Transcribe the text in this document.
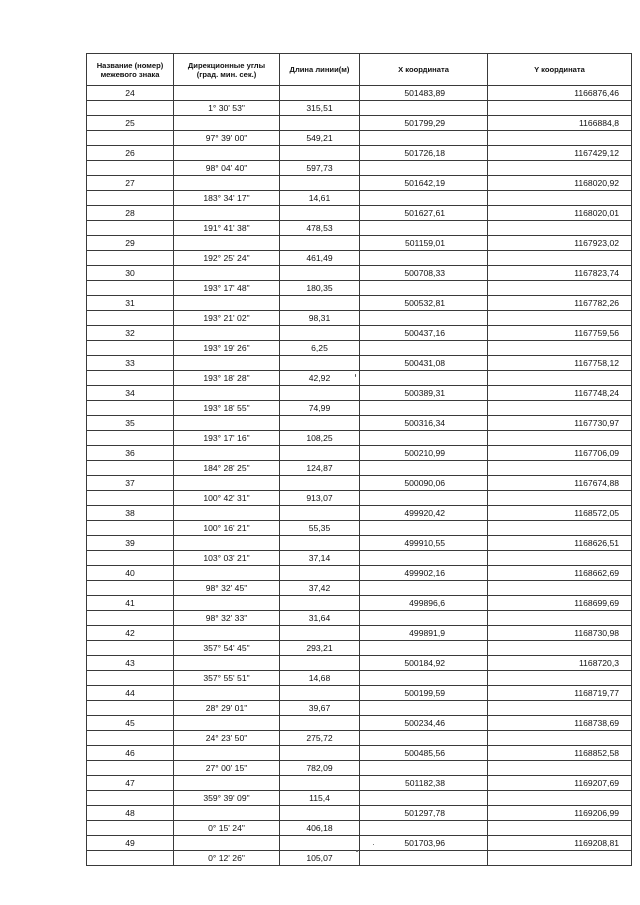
Название (номер)
межевого знака	Дирекционные углы
(град. мин. сек.)	Длина линии(м)	X координата	Y координата
24			501483,89	1166876,46
	1° 30' 53"	315,51		
25			501799,29	1166884,8
	97° 39' 00"	549,21		
26			501726,18	1167429,12
	98° 04' 40"	597,73		
27			501642,19	1168020,92
	183° 34' 17"	14,61		
28			501627,61	1168020,01
	191° 41' 38"	478,53		
29			501159,01	1167923,02
	192° 25' 24"	461,49		
30			500708,33	1167823,74
	193° 17' 48"	180,35		
31			500532,81	1167782,26
	193° 21' 02"	98,31		
32			500437,16	1167759,56
	193° 19' 26"	6,25		
33			500431,08	1167758,12
	193° 18' 28"	42,92		
34			500389,31	1167748,24
	193° 18' 55"	74,99		
35			500316,34	1167730,97
	193° 17' 16"	108,25		
36			500210,99	1167706,09
	184° 28' 25"	124,87		
37			500090,06	1167674,88
	100° 42' 31"	913,07		
38			499920,42	1168572,05
	100° 16' 21"	55,35		
39			499910,55	1168626,51
	103° 03' 21"	37,14		
40			499902,16	1168662,69
	98° 32' 45"	37,42		
41			499896,6	1168699,69
	98° 32' 33"	31,64		
42			499891,9	1168730,98
	357° 54' 45"	293,21		
43			500184,92	1168720,3
	357° 55' 51"	14,68		
44			500199,59	1168719,77
	28° 29' 01"	39,67		
45			500234,46	1168738,69
	24° 23' 50"	275,72		
46			500485,56	1168852,58
	27° 00' 15"	782,09		
47			501182,38	1169207,69
	359° 39' 09"	115,4		
48			501297,78	1169206,99
	0° 15' 24"	406,18		
49			501703,96	1169208,81
	0° 12' 26"	105,07		
